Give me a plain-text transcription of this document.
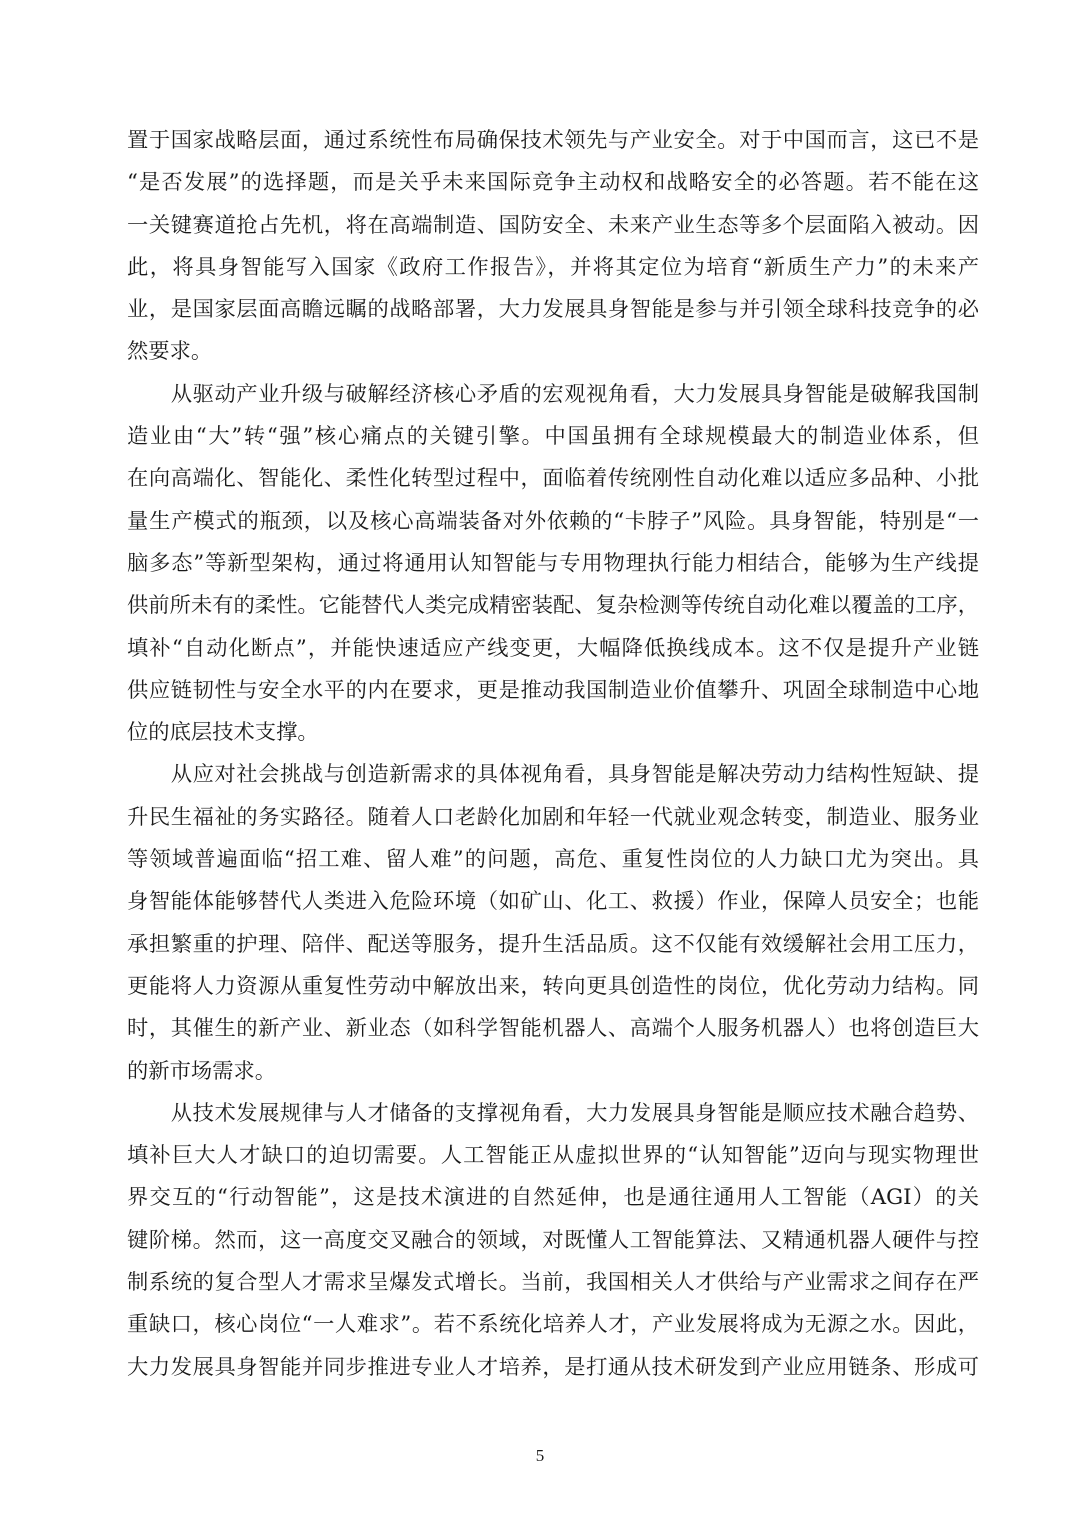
置于国家战略层面，通过系统性布局确保技术领先与产业安全。对于中国而言，这已不是
“是否发展”的选择题，而是关乎未来国际竞争主动权和战略安全的必答题。若不能在这
一关键赛道抢占先机，将在高端制造、国防安全、未来产业生态等多个层面陷入被动。因
此，将具身智能写入国家《政府工作报告》，并将其定位为培育“新质生产力”的未来产
业，是国家层面高瞻远瞩的战略部署，大力发展具身智能是参与并引领全球科技竞争的必
然要求。
　　从驱动产业升级与破解经济核心矛盾的宏观视角看，大力发展具身智能是破解我国制
造业由“大”转“强”核心痛点的关键引擎。中国虽拥有全球规模最大的制造业体系，但
在向高端化、智能化、柔性化转型过程中，面临着传统刚性自动化难以适应多品种、小批
量生产模式的瓶颈，以及核心高端装备对外依赖的“卡脖子”风险。具身智能，特别是“一
脑多态”等新型架构，通过将通用认知智能与专用物理执行能力相结合，能够为生产线提
供前所未有的柔性。它能替代人类完成精密装配、复杂检测等传统自动化难以覆盖的工序，
填补“自动化断点”，并能快速适应产线变更，大幅降低换线成本。这不仅是提升产业链
供应链韧性与安全水平的内在要求，更是推动我国制造业价值攀升、巩固全球制造中心地
位的底层技术支撑。
　　从应对社会挑战与创造新需求的具体视角看，具身智能是解决劳动力结构性短缺、提
升民生福祉的务实路径。随着人口老龄化加剧和年轻一代就业观念转变，制造业、服务业
等领域普遍面临“招工难、留人难”的问题，高危、重复性岗位的人力缺口尤为突出。具
身智能体能够替代人类进入危险环境（如矿山、化工、救援）作业，保障人员安全；也能
承担繁重的护理、陪伴、配送等服务，提升生活品质。这不仅能有效缓解社会用工压力，
更能将人力资源从重复性劳动中解放出来，转向更具创造性的岗位，优化劳动力结构。同
时，其催生的新产业、新业态（如科学智能机器人、高端个人服务机器人）也将创造巨大
的新市场需求。
　　从技术发展规律与人才储备的支撑视角看，大力发展具身智能是顺应技术融合趋势、
填补巨大人才缺口的迫切需要。人工智能正从虚拟世界的“认知智能”迈向与现实物理世
界交互的“行动智能”，这是技术演进的自然延伸，也是通往通用人工智能（AGI）的关
键阶梯。然而，这一高度交叉融合的领域，对既懂人工智能算法、又精通机器人硬件与控
制系统的复合型人才需求呈爆发式增长。当前，我国相关人才供给与产业需求之间存在严
重缺口，核心岗位“一人难求”。若不系统化培养人才，产业发展将成为无源之水。因此，
大力发展具身智能并同步推进专业人才培养，是打通从技术研发到产业应用链条、形成可
5
